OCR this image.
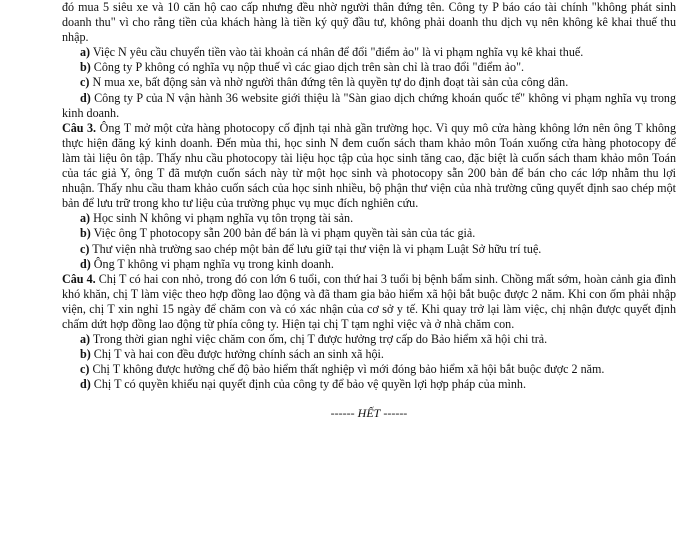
đó mua 5 siêu xe và 10 căn hộ cao cấp nhưng đều nhờ người thân đứng tên. Công ty P báo cáo tài chính "không phát sinh doanh thu" vì cho rằng tiền của khách hàng là tiền ký quỹ đầu tư, không phải doanh thu dịch vụ nên không kê khai thuế thu nhập.

a) Việc N yêu cầu chuyển tiền vào tài khoản cá nhân để đổi "điểm ảo" là vi phạm nghĩa vụ kê khai thuế.

b) Công ty P không có nghĩa vụ nộp thuế vì các giao dịch trên sàn chỉ là trao đổi "điểm ảo".

c) N mua xe, bất động sản và nhờ người thân đứng tên là quyền tự do định đoạt tài sản của công dân.

d) Công ty P của N vận hành 36 website giới thiệu là "Sàn giao dịch chứng khoán quốc tế" không vi phạm nghĩa vụ trong kinh doanh.

Câu 3. Ông T mở một cửa hàng photocopy cố định tại nhà gần trường học. Vì quy mô cửa hàng không lớn nên ông T không thực hiện đăng ký kinh doanh. Đến mùa thi, học sinh N đem cuốn sách tham khảo môn Toán xuống cửa hàng photocopy để làm tài liệu ôn tập. Thấy nhu cầu photocopy tài liệu học tập của học sinh tăng cao, đặc biệt là cuốn sách tham khảo môn Toán của tác giả Y, ông T đã mượn cuốn sách này từ một học sinh và photocopy sẵn 200 bản để bán cho các lớp nhằm thu lợi nhuận. Thấy nhu cầu tham khảo cuốn sách của học sinh nhiều, bộ phận thư viện của nhà trường cũng quyết định sao chép một bản để lưu trữ trong kho tư liệu của trường phục vụ mục đích nghiên cứu.

a) Học sinh N không vi phạm nghĩa vụ tôn trọng tài sản.

b) Việc ông T photocopy sẵn 200 bản để bán là vi phạm quyền tài sản của tác giả.

c) Thư viện nhà trường sao chép một bản để lưu giữ tại thư viện là vi phạm Luật Sở hữu trí tuệ.

d) Ông T không vi phạm nghĩa vụ trong kinh doanh.

Câu 4. Chị T có hai con nhỏ, trong đó con lớn 6 tuổi, con thứ hai 3 tuổi bị bệnh bẩm sinh. Chồng mất sớm, hoàn cảnh gia đình khó khăn, chị T làm việc theo hợp đồng lao động và đã tham gia bảo hiểm xã hội bắt buộc được 2 năm. Khi con ốm phải nhập viện, chị T xin nghỉ 15 ngày để chăm con và có xác nhận của cơ sở y tế. Khi quay trở lại làm việc, chị nhận được quyết định chấm dứt hợp đồng lao động từ phía công ty. Hiện tại chị T tạm nghỉ việc và ở nhà chăm con.

a) Trong thời gian nghỉ việc chăm con ốm, chị T được hưởng trợ cấp do Bảo hiểm xã hội chi trả.

b) Chị T và hai con đều được hưởng chính sách an sinh xã hội.

c) Chị T không được hưởng chế độ bảo hiểm thất nghiệp vì mới đóng bảo hiểm xã hội bắt buộc được 2 năm.

d) Chị T có quyền khiếu nại quyết định của công ty để bảo vệ quyền lợi hợp pháp của mình.

------ HẾT ------
